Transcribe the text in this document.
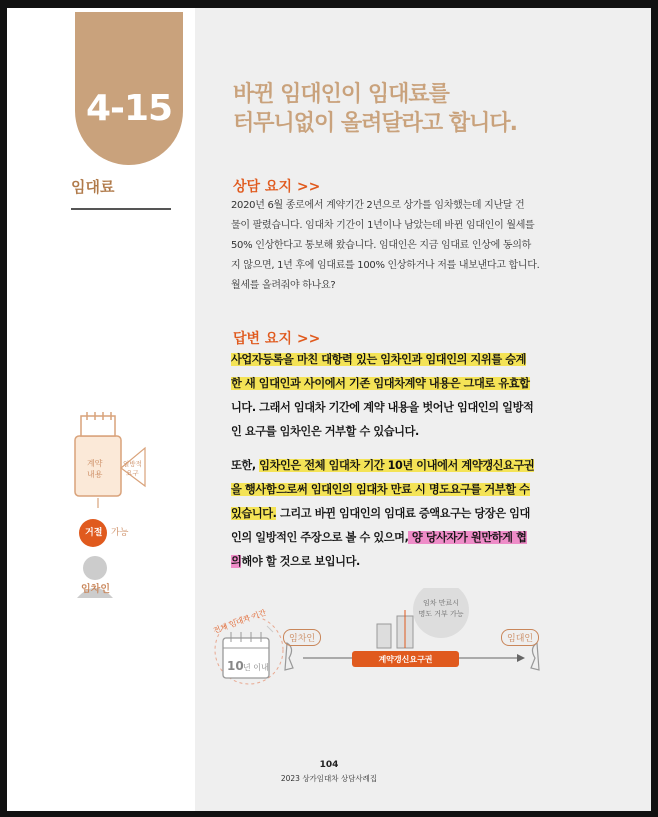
4-15
임대료
바뀐 임대인이 임대료를
터무니없이 올려달라고 합니다.
상담 요지 >>
2020년 6월 종로에서 계약기간 2년으로 상가를 임차했는데 지난달 건
물이 팔렸습니다. 임대차 기간이 1년이나 남았는데 바뀐 임대인이 월세를
50% 인상한다고 통보해 왔습니다. 임대인은 지금 임대료 인상에 동의하
지 않으면, 1년 후에 임대료를 100% 인상하거나 저를 내보낸다고 합니다.
월세를 올려줘야 하나요?
답변 요지 >>
사업자등록을 마친 대항력 있는 임차인과 임대인의 지위를 승계
한 새 임대인과 사이에서 기존 임대차계약 내용은 그대로 유효합
니다. 그래서 임대차 기간에 계약 내용을 벗어난 임대인의 일방적
인 요구를 임차인은 거부할 수 있습니다.
또한, 임차인은 전체 임대차 기간 10년 이내에서 계약갱신요구권
을 행사함으로써 임대인의 임대차 만료 시 명도요구를 거부할 수
있습니다. 그리고 바뀐 임대인의 임대료 증액요구는 당장은 임대
인의 일방적인 주장으로 볼 수 있으며, 양 당사자가 원만하게 협
의해야 할 것으로 보입니다.
계약
내용
일방적
요구
거절 가능
임차인
전체 임대차 기간
10 년 이내
임차인	임대인
계약갱신요구권
임차 만료시
명도 거부 가능
104
2023 상가임대차 상담사례집
